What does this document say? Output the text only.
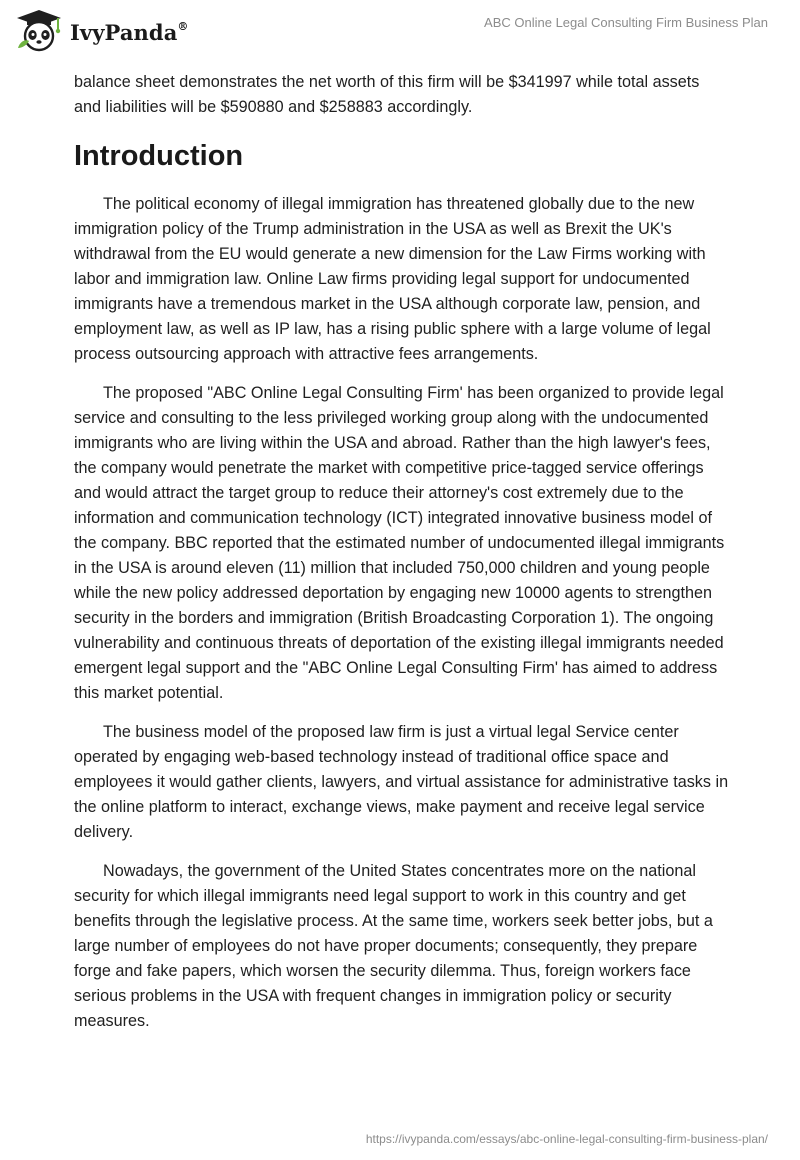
IvyPanda®	ABC Online Legal Consulting Firm Business Plan

balance sheet demonstrates the net worth of this firm will be $341997 while total assets and liabilities will be $590880 and $258883 accordingly.

Introduction

The political economy of illegal immigration has threatened globally due to the new immigration policy of the Trump administration in the USA as well as Brexit the UK's withdrawal from the EU would generate a new dimension for the Law Firms working with labor and immigration law. Online Law firms providing legal support for undocumented immigrants have a tremendous market in the USA although corporate law, pension, and employment law, as well as IP law, has a rising public sphere with a large volume of legal process outsourcing approach with attractive fees arrangements.

The proposed "ABC Online Legal Consulting Firm' has been organized to provide legal service and consulting to the less privileged working group along with the undocumented immigrants who are living within the USA and abroad. Rather than the high lawyer's fees, the company would penetrate the market with competitive price-tagged service offerings and would attract the target group to reduce their attorney's cost extremely due to the information and communication technology (ICT) integrated innovative business model of the company. BBC reported that the estimated number of undocumented illegal immigrants in the USA is around eleven (11) million that included 750,000 children and young people while the new policy addressed deportation by engaging new 10000 agents to strengthen security in the borders and immigration (British Broadcasting Corporation 1). The ongoing vulnerability and continuous threats of deportation of the existing illegal immigrants needed emergent legal support and the "ABC Online Legal Consulting Firm' has aimed to address this market potential.

The business model of the proposed law firm is just a virtual legal Service center operated by engaging web-based technology instead of traditional office space and employees it would gather clients, lawyers, and virtual assistance for administrative tasks in the online platform to interact, exchange views, make payment and receive legal service delivery.

Nowadays, the government of the United States concentrates more on the national security for which illegal immigrants need legal support to work in this country and get benefits through the legislative process. At the same time, workers seek better jobs, but a large number of employees do not have proper documents; consequently, they prepare forge and fake papers, which worsen the security dilemma. Thus, foreign workers face serious problems in the USA with frequent changes in immigration policy or security measures.

https://ivypanda.com/essays/abc-online-legal-consulting-firm-business-plan/
